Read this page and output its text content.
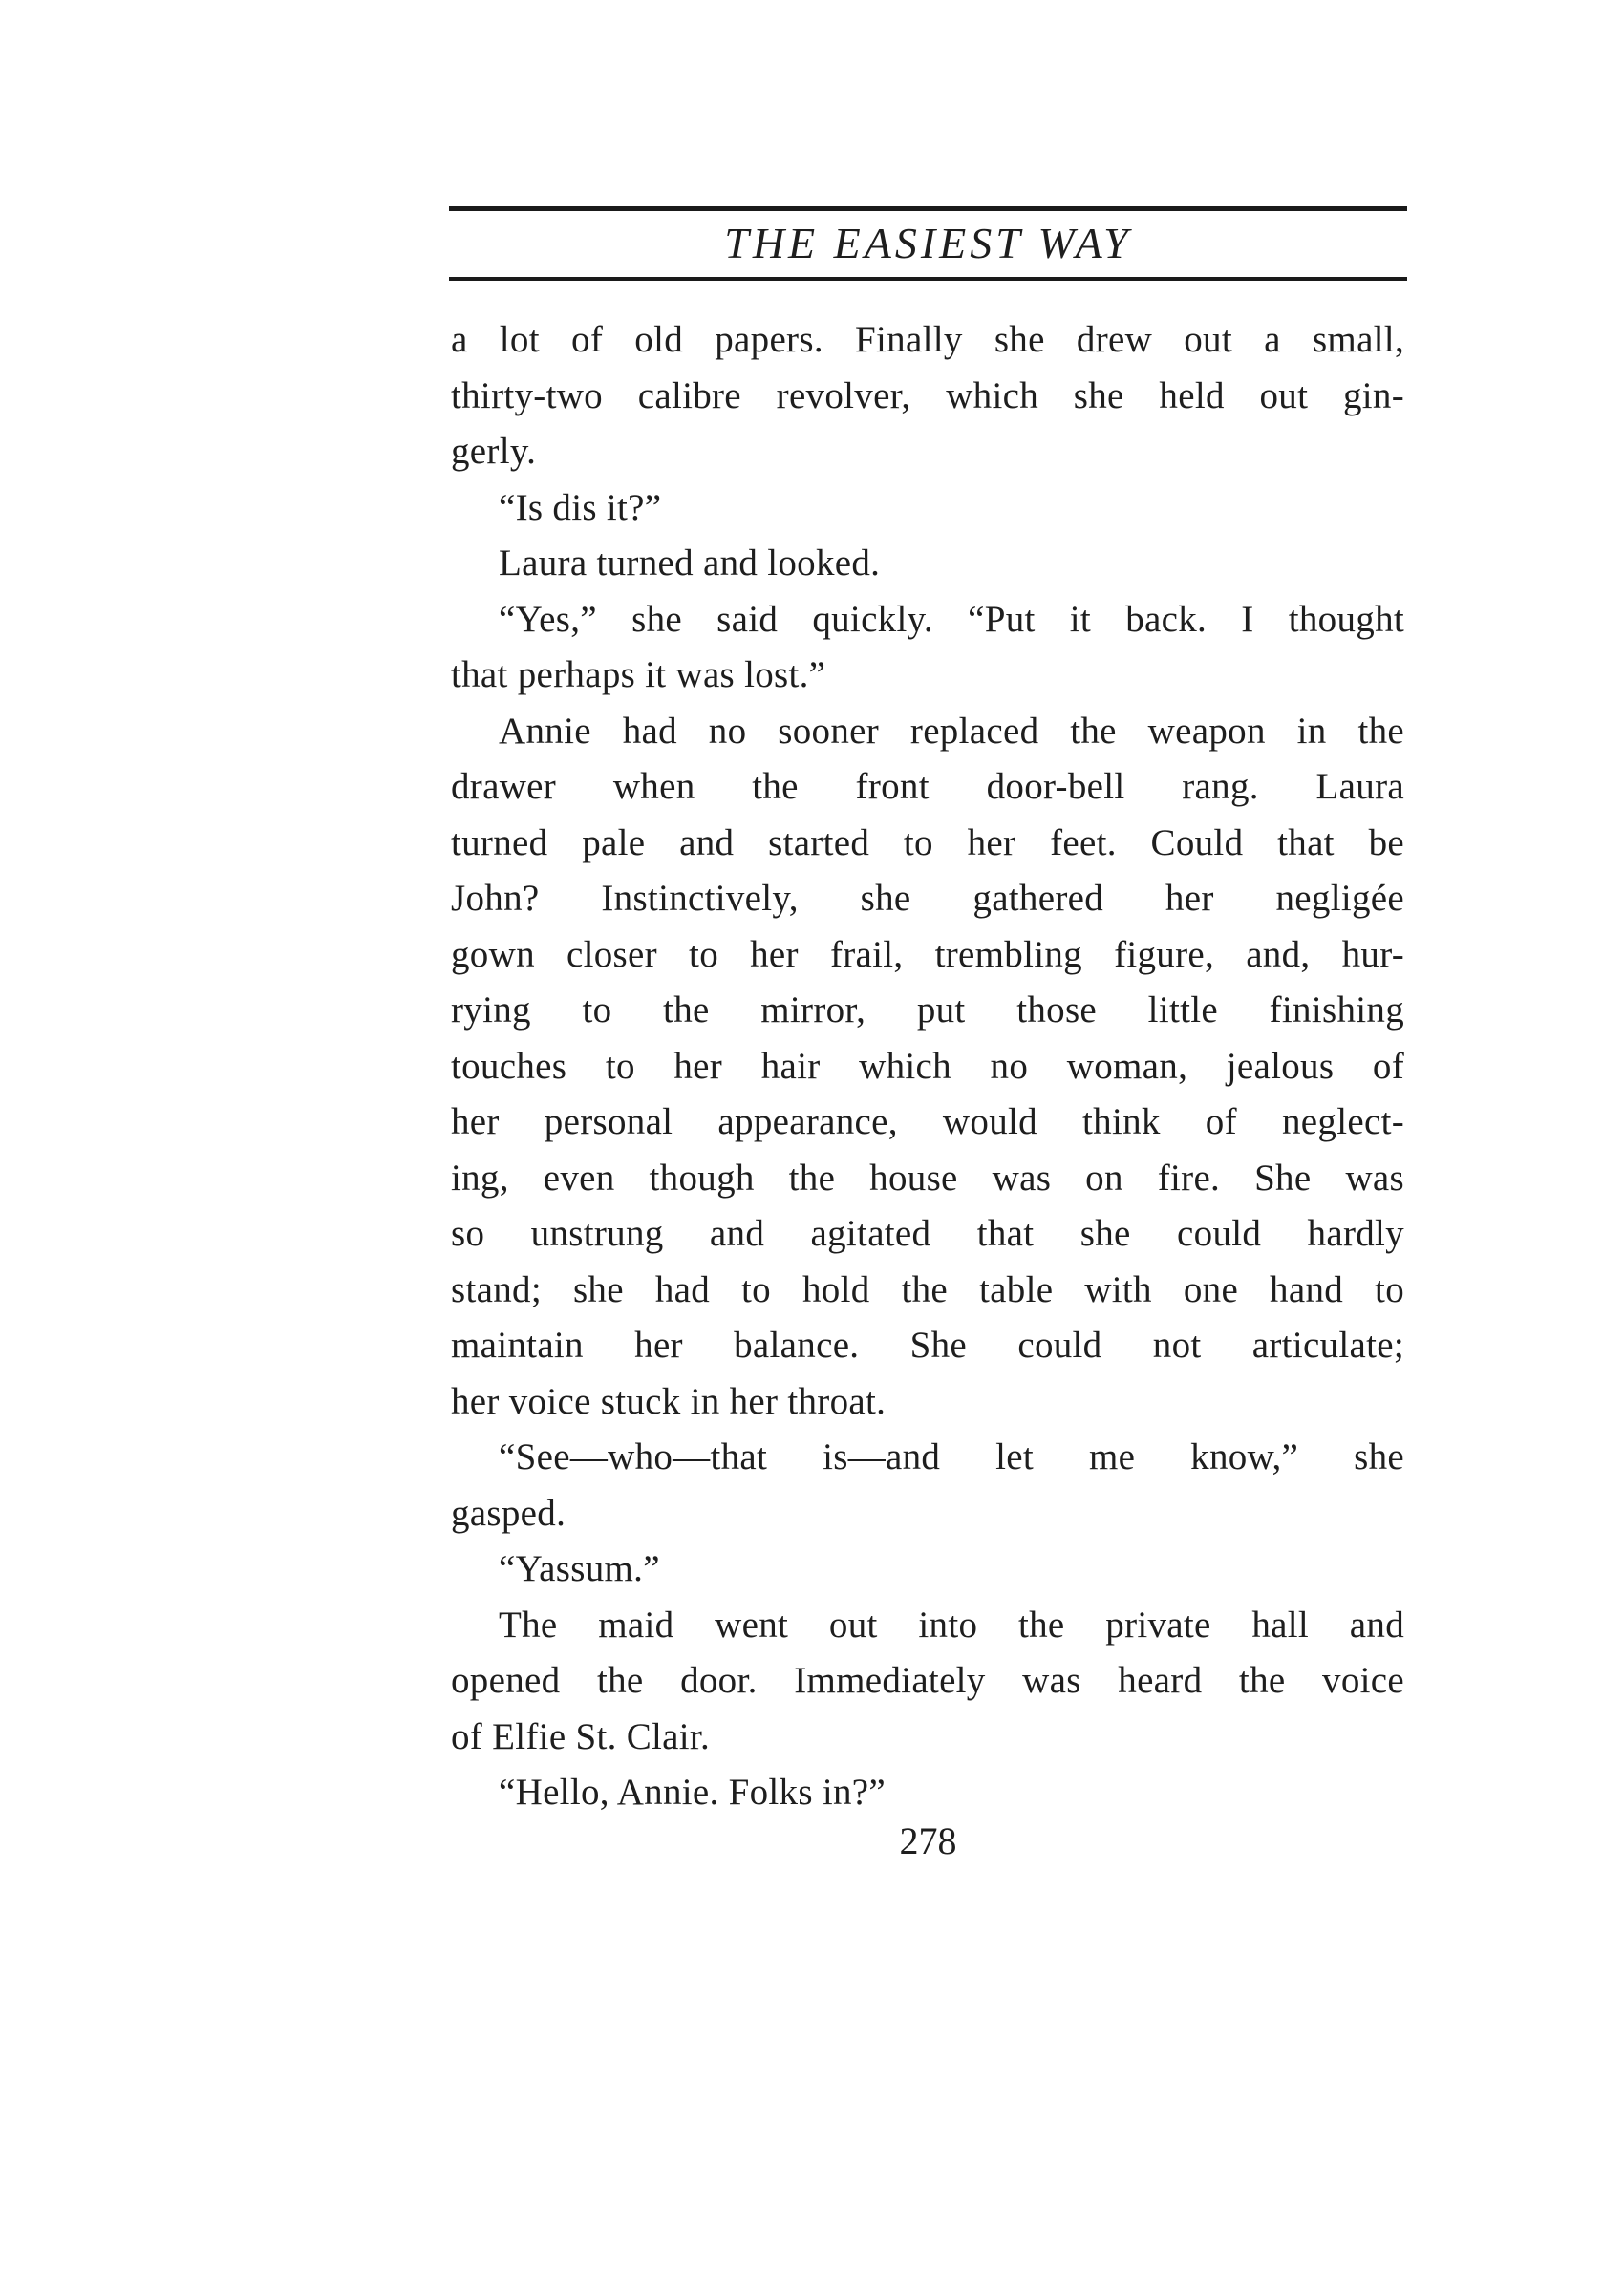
THE EASIEST WAY
a lot of old papers. Finally she drew out a small,
thirty-two calibre revolver, which she held out gin-
gerly.
“Is dis it?”
Laura turned and looked.
“Yes,” she said quickly. “Put it back. I thought
that perhaps it was lost.”
Annie had no sooner replaced the weapon in the
drawer when the front door-bell rang. Laura
turned pale and started to her feet. Could that be
John? Instinctively, she gathered her negligée
gown closer to her frail, trembling figure, and, hur-
rying to the mirror, put those little finishing
touches to her hair which no woman, jealous of
her personal appearance, would think of neglect-
ing, even though the house was on fire. She was
so unstrung and agitated that she could hardly
stand; she had to hold the table with one hand to
maintain her balance. She could not articulate;
her voice stuck in her throat.
“See—who—that is—and let me know,” she
gasped.
“Yassum.”
The maid went out into the private hall and
opened the door. Immediately was heard the voice
of Elfie St. Clair.
“Hello, Annie. Folks in?”
278
